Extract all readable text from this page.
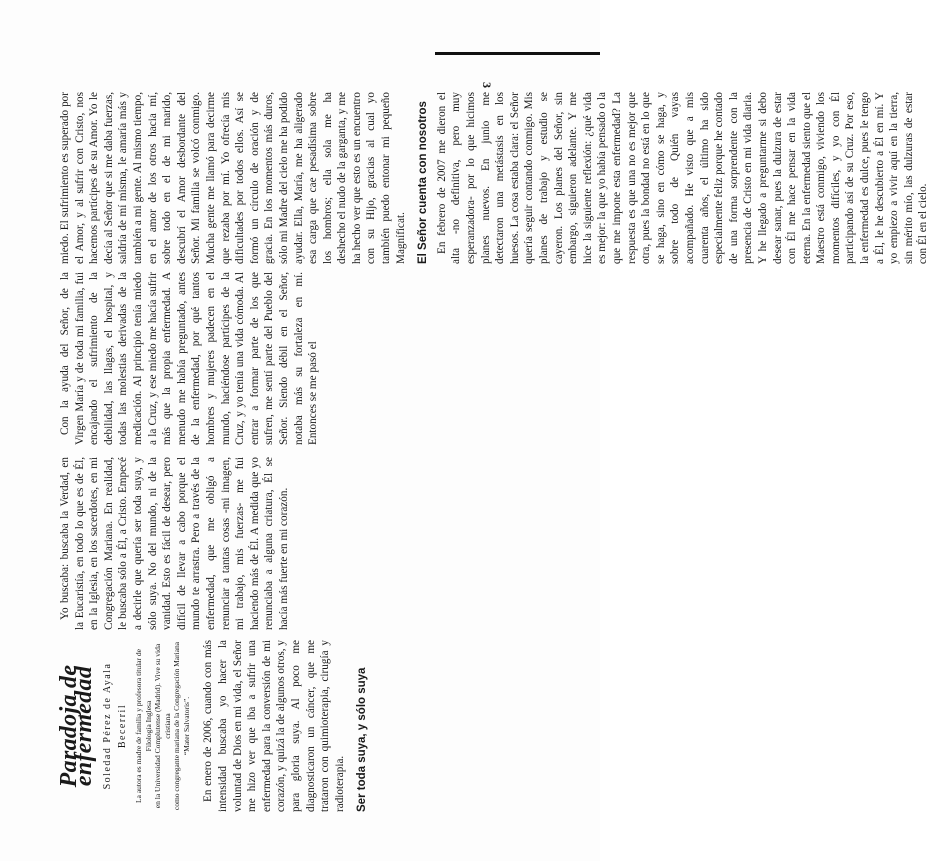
3
Paradoja de enfermedad Soledad Pérez de Ayala Becerril La autora es madre de familia y profesora titular de Filología Inglesa en la Universidad Complutense (Madrid). Vive su vida cristiana como congregante mariana de la Congregación Mariana “Mater Salvatoris”. En enero de 2006, cuando con más intensidad buscaba yo hacer la voluntad de Dios en mi vida, el Señor me hizo ver que iba a sufrir una enfermedad para la conversión de mi corazón, y quizá la de algunos otros, y para gloria suya. Al poco me diagnosticaron un cáncer, que me trataron con quimioterapia, cirugía y radioterapia. Ser toda suya, y sólo suya

Yo buscaba: buscaba la Verdad, en la Eucaristía, en todo lo que es de Él, en la Iglesia, en los sacerdotes, en mi Congregación Mariana. En realidad, le buscaba sólo a Él, a Cristo. Empecé a decirle que quería ser toda suya, y sólo suya. No del mundo, ni de la vanidad. Esto es fácil de desear, pero difícil de llevar a cabo porque el mundo te arrastra. Pero a través de la enfermedad, que me obligó a renunciar a tantas cosas -mi imagen, mi trabajo, mis fuerzas- me fui haciendo más de Él. A medida que yo renunciaba a alguna criatura, Él se hacía más fuerte en mi corazón.

Con la ayuda del Señor, de la Virgen María y de toda mi familia, fui encajando el sufrimiento de la debilidad, las llagas, el hospital, y todas las molestias derivadas de la medicación. Al principio tenía miedo a la Cruz, y ese miedo me hacía sufrir más que la propia enfermedad. A menudo me había preguntado, antes de la enfermedad, por qué tantos hombres y mujeres padecen en el mundo, haciéndose partícipes de la Cruz, y yo tenía una vida cómoda. Al entrar a formar parte de los que sufren, me sentí parte del Pueblo del Señor. Siendo débil en el Señor, notaba más su fortaleza en mí. Entonces se me pasó el

miedo. El sufrimiento es superado por el Amor, y al sufrir con Cristo, nos hacemos partícipes de su Amor. Yo le decía al Señor que si me daba fuerzas, saldría de mí misma, le amaría más y también a mi gente. Al mismo tiempo, en el amor de los otros hacia mí, sobre todo en el de mi marido, descubrí el Amor desbordante del Señor. Mi familia se volcó conmigo. Mucha gente me llamó para decirme que rezaba por mí. Yo ofrecía mis dificultades por todos ellos. Así se formó un círculo de oración y de gracia. En los momentos más duros, sólo mi Madre del cielo me ha podido ayudar. Ella, María, me ha aligerado esa carga que cae pesadísima sobre los hombros; ella sola me ha deshecho el nudo de la garganta, y me ha hecho ver que esto es un encuentro con su Hijo, gracias al cual yo también puedo entonar mi pequeño Magníficat. El Señor cuenta con nosotros En febrero de 2007 me dieron el alta -no definitiva, pero muy esperanzadora- por lo que hicimos planes nuevos. En junio me detectaron una metástasis en los huesos. La cosa estaba clara: el Señor quería seguir contando conmigo. Mis planes de trabajo y estudio se cayeron. Los planes del Señor, sin embargo, siguieron adelante. Y me hice la siguiente reflexión: ¿qué vida es mejor: la que yo había pensado o la que me impone esta enfermedad? La respuesta es que una no es mejor que otra, pues la bondad no está en lo que se haga, sino en cómo se haga, y sobre todo de Quién vayas acompañado. He visto que a mis cuarenta años, el último ha sido especialmente feliz porque he contado de una forma sorprendente con la presencia de Cristo en mi vida diaria. Y he llegado a preguntarme si debo desear sanar, pues la dulzura de estar con Él me hace pensar en la vida eterna. En la enfermedad siento que el Maestro está conmigo, viviendo los momentos difíciles, y yo con Él participando así de su Cruz. Por eso, la enfermedad es dulce, pues le tengo a Él, le he descubierto a Él en mí. Y yo empiezo a vivir aquí en la tierra, sin mérito mío, las dulzuras de estar con Él en el cielo.
